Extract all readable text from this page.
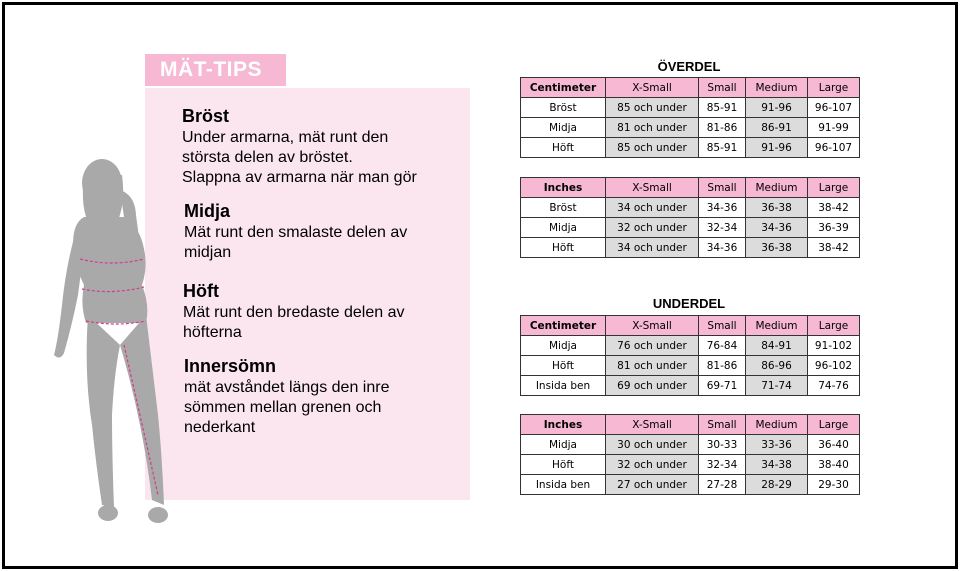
MÄT-TIPS
Bröst
Under armarna, mät runt den
största delen av bröstet.
Slappna av armarna när man gör
Midja
Mät runt den smalaste delen av
midjan
Höft
Mät runt den bredaste delen av
höfterna
Innersömn
mät avståndet längs den inre
sömmen mellan grenen och
nederkant
ÖVERDEL
Centimeter	X-Small	Small	Medium	Large
Bröst	85 och under	85-91	91-96	96-107
Midja	81 och under	81-86	86-91	91-99
Höft	85 och under	85-91	91-96	96-107
Inches	X-Small	Small	Medium	Large
Bröst	34 och under	34-36	36-38	38-42
Midja	32 och under	32-34	34-36	36-39
Höft	34 och under	34-36	36-38	38-42
UNDERDEL
Centimeter	X-Small	Small	Medium	Large
Midja	76 och under	76-84	84-91	91-102
Höft	81 och under	81-86	86-96	96-102
Insida ben	69 och under	69-71	71-74	74-76
Inches	X-Small	Small	Medium	Large
Midja	30 och under	30-33	33-36	36-40
Höft	32 och under	32-34	34-38	38-40
Insida ben	27 och under	27-28	28-29	29-30
